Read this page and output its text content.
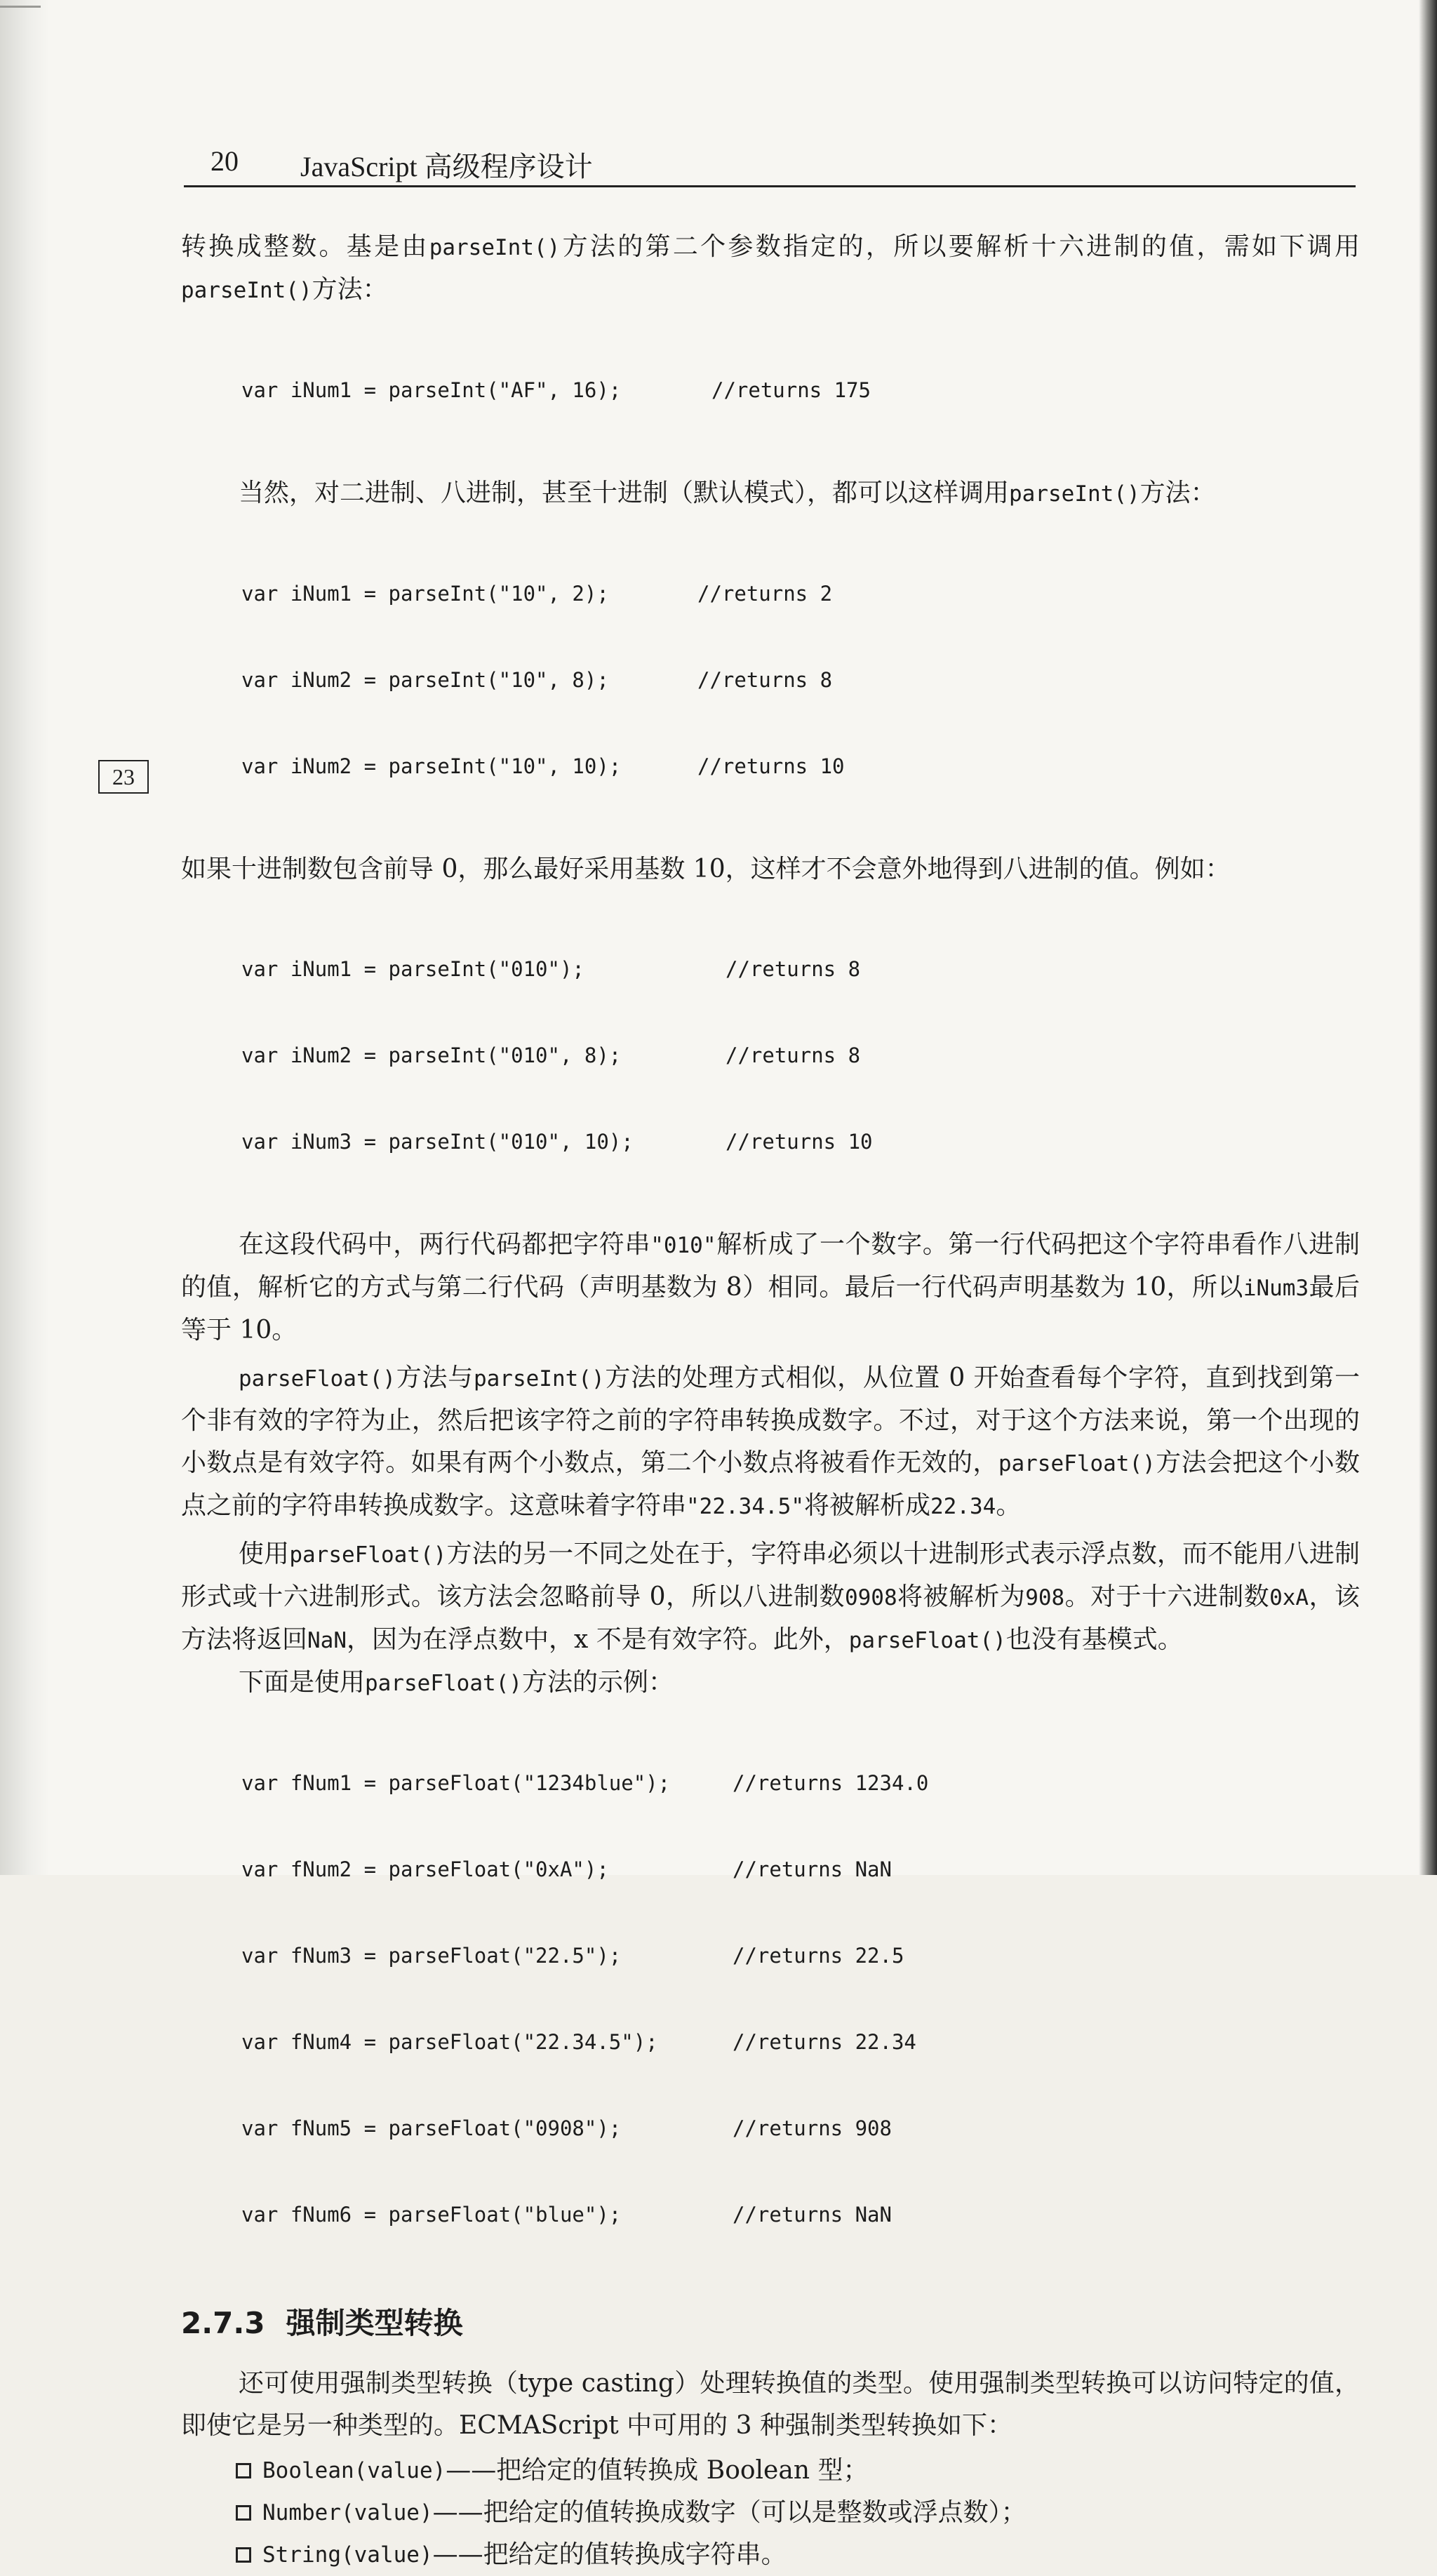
20 JavaScript 高级程序设计
23

转换成整数。基是由parseInt()方法的第二个参数指定的，所以要解析十六进制的值，需如下调用parseInt()方法：

var iNum1 = parseInt("AF", 16);	//returns 175

当然，对二进制、八进制，甚至十进制（默认模式），都可以这样调用parseInt()方法：

var iNum1 = parseInt("10", 2);	//returns 2

var iNum2 = parseInt("10", 8);	//returns 8

var iNum2 = parseInt("10", 10);	//returns 10

如果十进制数包含前导 0，那么最好采用基数 10，这样才不会意外地得到八进制的值。例如：

var iNum1 = parseInt("010");	//returns 8

var iNum2 = parseInt("010", 8);	//returns 8

var iNum3 = parseInt("010", 10);	//returns 10

在这段代码中，两行代码都把字符串"010"解析成了一个数字。第一行代码把这个字符串看作八进制的值，解析它的方式与第二行代码（声明基数为 8）相同。最后一行代码声明基数为 10，所以iNum3最后等于 10。

parseFloat()方法与parseInt()方法的处理方式相似，从位置 0 开始查看每个字符，直到找到第一个非有效的字符为止，然后把该字符之前的字符串转换成数字。不过，对于这个方法来说，第一个出现的小数点是有效字符。如果有两个小数点，第二个小数点将被看作无效的，parseFloat()方法会把这个小数点之前的字符串转换成数字。这意味着字符串"22.34.5"将被解析成22.34。

使用parseFloat()方法的另一不同之处在于，字符串必须以十进制形式表示浮点数，而不能用八进制形式或十六进制形式。该方法会忽略前导 0，所以八进制数0908将被解析为908。对于十六进制数0xA，该方法将返回NaN，因为在浮点数中，x 不是有效字符。此外，parseFloat()也没有基模式。

下面是使用parseFloat()方法的示例：

var fNum1 = parseFloat("1234blue");	//returns 1234.0

var fNum2 = parseFloat("0xA");	//returns NaN

var fNum3 = parseFloat("22.5");	//returns 22.5

var fNum4 = parseFloat("22.34.5");	//returns 22.34

var fNum5 = parseFloat("0908");	//returns 908

var fNum6 = parseFloat("blue");	//returns NaN

2.7.3 强制类型转换

还可使用强制类型转换（type casting）处理转换值的类型。使用强制类型转换可以访问特定的值，即使它是另一种类型的。ECMAScript 中可用的 3 种强制类型转换如下：

Boolean(value) ——把给定的值转换成 Boolean 型；
Number(value) ——把给定的值转换成数字（可以是整数或浮点数）；
String(value) ——把给定的值转换成字符串。
